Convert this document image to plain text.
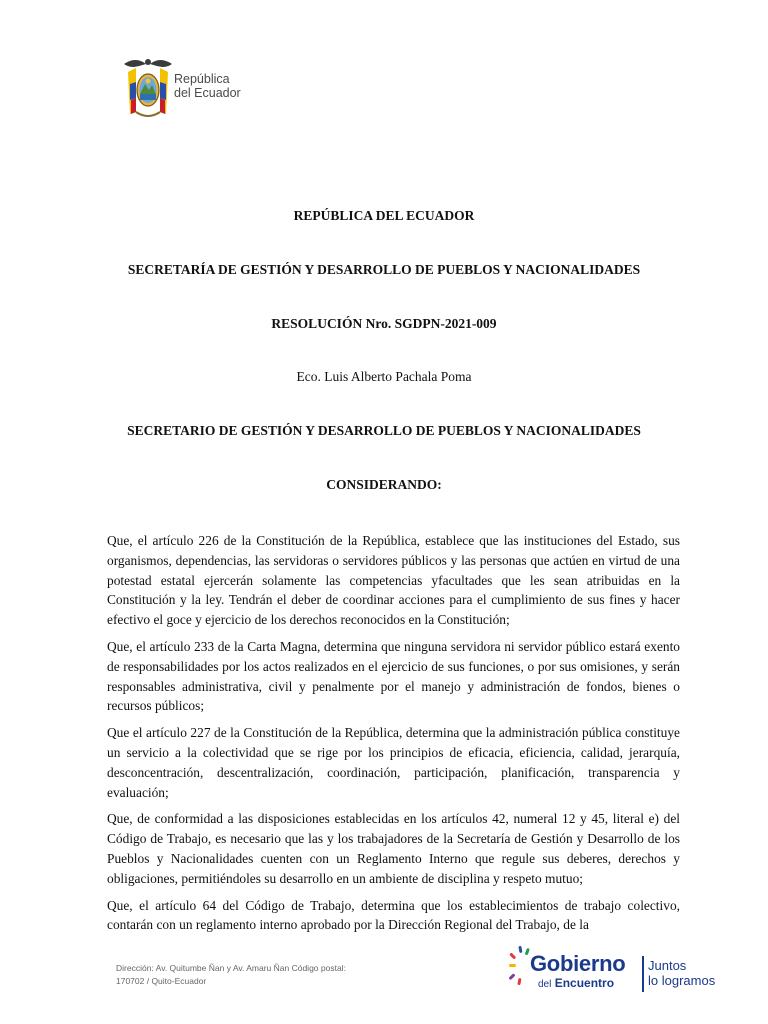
República
del Ecuador
REPÚBLICA DEL ECUADOR
SECRETARÍA DE GESTIÓN Y DESARROLLO DE PUEBLOS Y NACIONALIDADES
RESOLUCIÓN Nro. SGDPN-2021-009
Eco. Luis Alberto Pachala Poma
SECRETARIO DE GESTIÓN Y DESARROLLO DE PUEBLOS Y NACIONALIDADES
CONSIDERANDO:

Que, el artículo 226 de la Constitución de la República, establece que las instituciones del Estado, sus organismos, dependencias, las servidoras o servidores públicos y las personas que actúen en virtud de una potestad estatal ejercerán solamente las competencias yfacultades que les sean atribuidas en la Constitución y la ley. Tendrán el deber de coordinar acciones para el cumplimiento de sus fines y hacer efectivo el goce y ejercicio de los derechos reconocidos en la Constitución;

Que, el artículo 233 de la Carta Magna, determina que ninguna servidora ni servidor público estará exento de responsabilidades por los actos realizados en el ejercicio de sus funciones, o por sus omisiones, y serán responsables administrativa, civil y penalmente por el manejo y administración de fondos, bienes o recursos públicos;

Que el artículo 227 de la Constitución de la República, determina que la administración pública constituye un servicio a la colectividad que se rige por los principios de eficacia, eficiencia, calidad, jerarquía, desconcentración, descentralización, coordinación, participación, planificación, transparencia y evaluación;

Que, de conformidad a las disposiciones establecidas en los artículos 42, numeral 12 y 45, literal e) del Código de Trabajo, es necesario que las y los trabajadores de la Secretaría de Gestión y Desarrollo de los Pueblos y Nacionalidades cuenten con un Reglamento Interno que regule sus deberes, derechos y obligaciones, permitiéndoles su desarrollo en un ambiente de disciplina y respeto mutuo;

Que, el artículo 64 del Código de Trabajo, determina que los establecimientos de trabajo colectivo, contarán con un reglamento interno aprobado por la Dirección Regional del Trabajo, de la

Dirección: Av. Quitumbe Ñan y Av. Amaru Ñan Código postal:
170702 / Quito-Ecuador
Gobierno
del Encuentro
Juntos
lo logramos
